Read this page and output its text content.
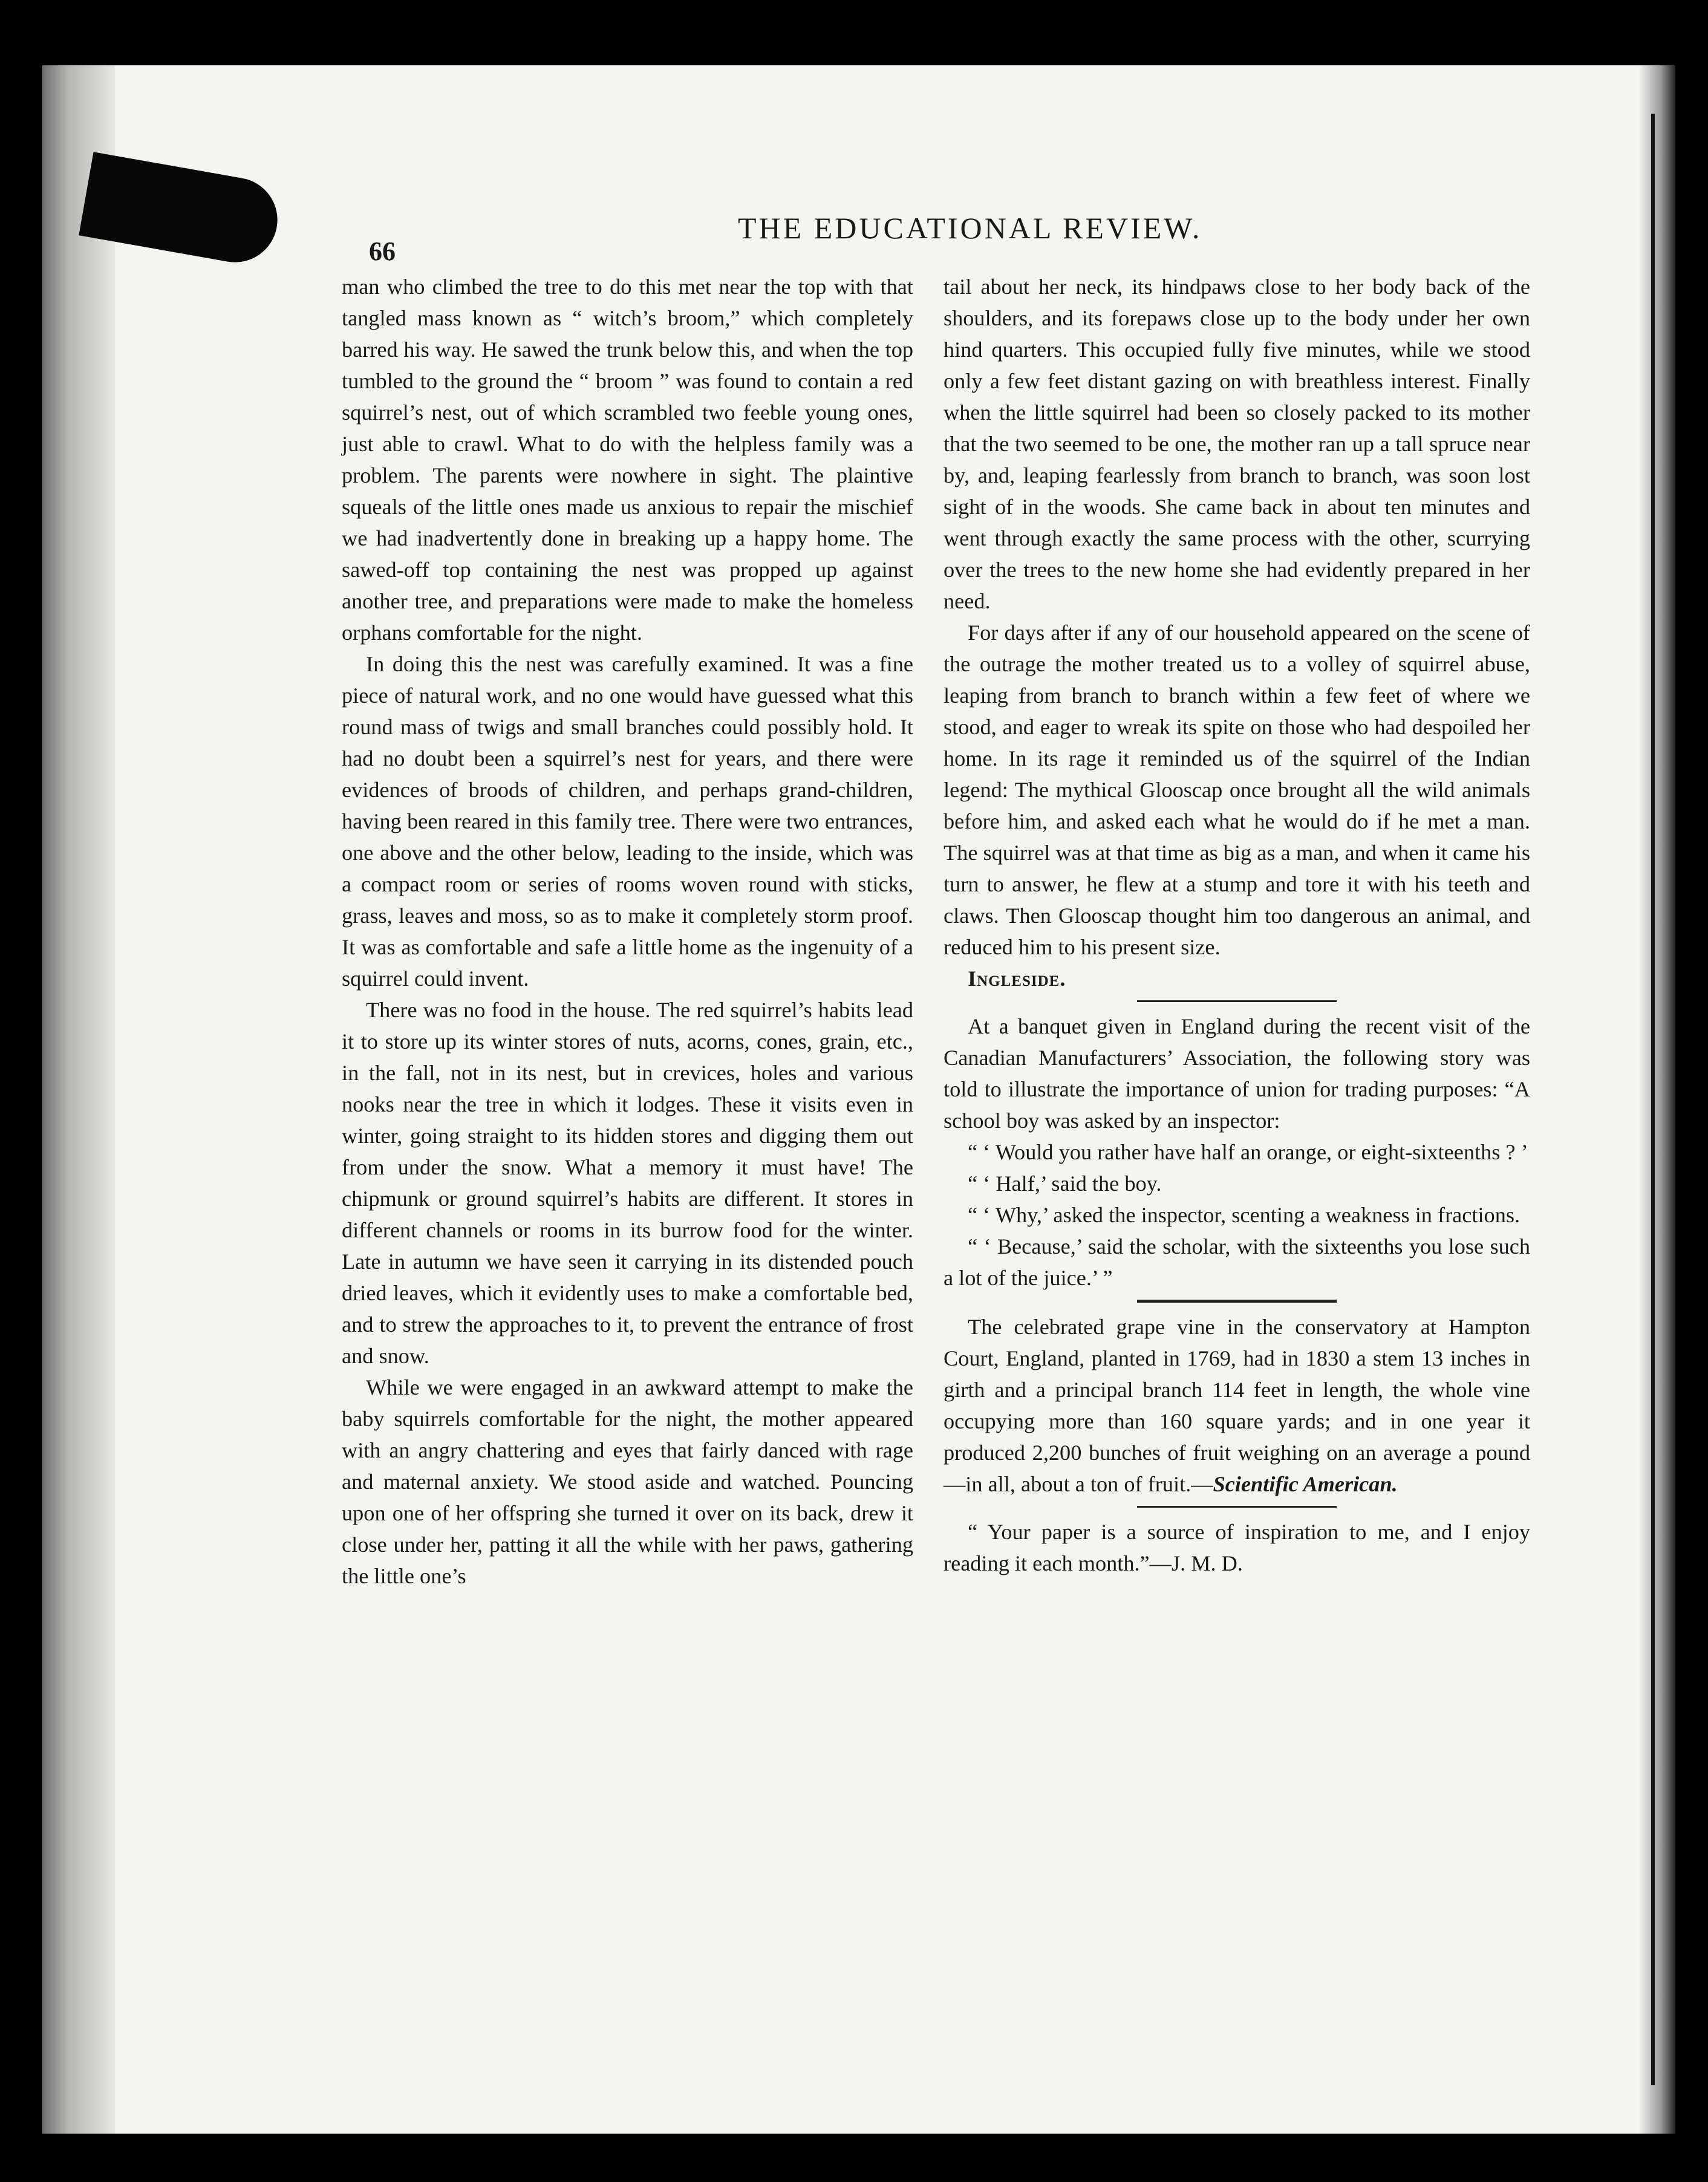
66
THE EDUCATIONAL REVIEW.

man who climbed the tree to do this met near the top with that tangled mass known as “ witch’s broom,” which completely barred his way. He sawed the trunk below this, and when the top tumbled to the ground the “ broom ” was found to contain a red squirrel’s nest, out of which scrambled two feeble young ones, just able to crawl. What to do with the helpless family was a problem. The parents were nowhere in sight. The plaintive squeals of the little ones made us anxious to repair the mischief we had inadvertently done in breaking up a happy home. The sawed-off top containing the nest was propped up against another tree, and preparations were made to make the homeless orphans comfortable for the night.

In doing this the nest was carefully examined. It was a fine piece of natural work, and no one would have guessed what this round mass of twigs and small branches could possibly hold. It had no doubt been a squirrel’s nest for years, and there were evidences of broods of children, and perhaps grand-children, having been reared in this family tree. There were two entrances, one above and the other below, leading to the inside, which was a compact room or series of rooms woven round with sticks, grass, leaves and moss, so as to make it completely storm proof. It was as comfortable and safe a little home as the ingenuity of a squirrel could invent.

There was no food in the house. The red squirrel’s habits lead it to store up its winter stores of nuts, acorns, cones, grain, etc., in the fall, not in its nest, but in crevices, holes and various nooks near the tree in which it lodges. These it visits even in winter, going straight to its hidden stores and digging them out from under the snow. What a memory it must have! The chipmunk or ground squirrel’s habits are different. It stores in different channels or rooms in its burrow food for the winter. Late in autumn we have seen it carrying in its distended pouch dried leaves, which it evidently uses to make a comfortable bed, and to strew the approaches to it, to prevent the entrance of frost and snow.

While we were engaged in an awkward attempt to make the baby squirrels comfortable for the night, the mother appeared with an angry chattering and eyes that fairly danced with rage and maternal anxiety. We stood aside and watched. Pouncing upon one of her offspring she turned it over on its back, drew it close under her, patting it all the while with her paws, gathering the little one’s

tail about her neck, its hindpaws close to her body back of the shoulders, and its forepaws close up to the body under her own hind quarters. This occupied fully five minutes, while we stood only a few feet distant gazing on with breathless interest. Finally when the little squirrel had been so closely packed to its mother that the two seemed to be one, the mother ran up a tall spruce near by, and, leaping fearlessly from branch to branch, was soon lost sight of in the woods. She came back in about ten minutes and went through exactly the same process with the other, scurrying over the trees to the new home she had evidently prepared in her need.

For days after if any of our household appeared on the scene of the outrage the mother treated us to a volley of squirrel abuse, leaping from branch to branch within a few feet of where we stood, and eager to wreak its spite on those who had despoiled her home. In its rage it reminded us of the squirrel of the Indian legend: The mythical Glooscap once brought all the wild animals before him, and asked each what he would do if he met a man. The squirrel was at that time as big as a man, and when it came his turn to answer, he flew at a stump and tore it with his teeth and claws. Then Glooscap thought him too dangerous an animal, and reduced him to his present size.

Ingleside.

At a banquet given in England during the recent visit of the Canadian Manufacturers’ Association, the following story was told to illustrate the importance of union for trading purposes: “A school boy was asked by an inspector:

“ ‘ Would you rather have half an orange, or eight-sixteenths ? ’

“ ‘ Half,’ said the boy.

“ ‘ Why,’ asked the inspector, scenting a weakness in fractions.

“ ‘ Because,’ said the scholar, with the sixteenths you lose such a lot of the juice.’ ”

The celebrated grape vine in the conservatory at Hampton Court, England, planted in 1769, had in 1830 a stem 13 inches in girth and a principal branch 114 feet in length, the whole vine occupying more than 160 square yards; and in one year it produced 2,200 bunches of fruit weighing on an average a pound—in all, about a ton of fruit.—Scientific American.

“ Your paper is a source of inspiration to me, and I enjoy reading it each month.”—J. M. D.
